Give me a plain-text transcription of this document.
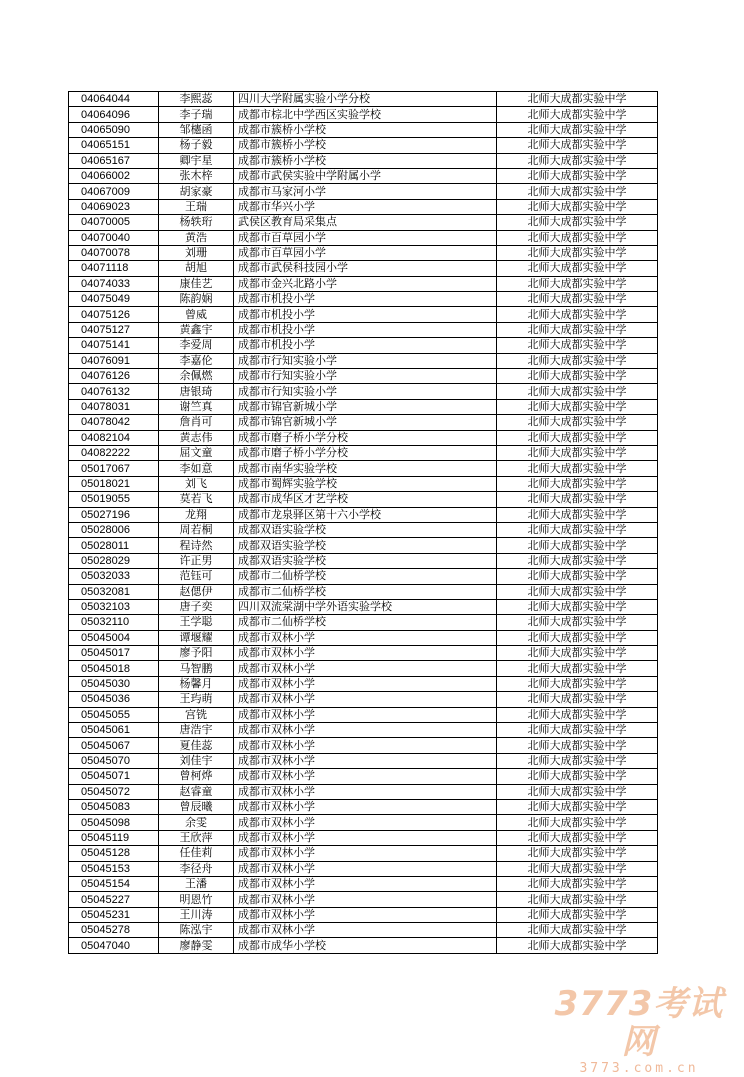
04064044	李熙蕊	四川大学附属实验小学分校	北师大成都实验中学
04064096	李子瑞	成都市棕北中学西区实验学校	北师大成都实验中学
04065090	邹櫶函	成都市簇桥小学校	北师大成都实验中学
04065151	杨子毅	成都市簇桥小学校	北师大成都实验中学
04065167	卿宇星	成都市簇桥小学校	北师大成都实验中学
04066002	张木梓	成都市武侯实验中学附属小学	北师大成都实验中学
04067009	胡家豪	成都市马家河小学	北师大成都实验中学
04069023	王瑞	成都市华兴小学	北师大成都实验中学
04070005	杨轶珩	武侯区教育局采集点	北师大成都实验中学
04070040	黄浩	成都市百草园小学	北师大成都实验中学
04070078	刘珊	成都市百草园小学	北师大成都实验中学
04071118	胡旭	成都市武侯科技园小学	北师大成都实验中学
04074033	康佳艺	成都市金兴北路小学	北师大成都实验中学
04075049	陈韵娴	成都市机投小学	北师大成都实验中学
04075126	曾威	成都市机投小学	北师大成都实验中学
04075127	黄鑫宇	成都市机投小学	北师大成都实验中学
04075141	李爱周	成都市机投小学	北师大成都实验中学
04076091	李嘉伦	成都市行知实验小学	北师大成都实验中学
04076126	余佩燃	成都市行知实验小学	北师大成都实验中学
04076132	唐银琦	成都市行知实验小学	北师大成都实验中学
04078031	谢竺真	成都市锦官新城小学	北师大成都实验中学
04078042	詹肖可	成都市锦官新城小学	北师大成都实验中学
04082104	黄志伟	成都市磨子桥小学分校	北师大成都实验中学
04082222	屈文童	成都市磨子桥小学分校	北师大成都实验中学
05017067	李如意	成都市南华实验学校	北师大成都实验中学
05018021	刘飞	成都市蜀辉实验学校	北师大成都实验中学
05019055	莫若飞	成都市成华区才艺学校	北师大成都实验中学
05027196	龙翔	成都市龙泉驿区第十六小学校	北师大成都实验中学
05028006	周若桐	成都双语实验学校	北师大成都实验中学
05028011	程诗然	成都双语实验学校	北师大成都实验中学
05028029	许正男	成都双语实验学校	北师大成都实验中学
05032033	范钰可	成都市二仙桥学校	北师大成都实验中学
05032081	赵偲伊	成都市二仙桥学校	北师大成都实验中学
05032103	唐子奕	四川双流棠湖中学外语实验学校	北师大成都实验中学
05032110	王学聪	成都市二仙桥学校	北师大成都实验中学
05045004	谭堰耀	成都市双林小学	北师大成都实验中学
05045017	廖予阳	成都市双林小学	北师大成都实验中学
05045018	马智鹏	成都市双林小学	北师大成都实验中学
05045030	杨馨月	成都市双林小学	北师大成都实验中学
05045036	王玙萌	成都市双林小学	北师大成都实验中学
05045055	宫铣	成都市双林小学	北师大成都实验中学
05045061	唐浩宇	成都市双林小学	北师大成都实验中学
05045067	夏佳蕊	成都市双林小学	北师大成都实验中学
05045070	刘佳宇	成都市双林小学	北师大成都实验中学
05045071	曾柯烨	成都市双林小学	北师大成都实验中学
05045072	赵睿童	成都市双林小学	北师大成都实验中学
05045083	曾辰曦	成都市双林小学	北师大成都实验中学
05045098	余雯	成都市双林小学	北师大成都实验中学
05045119	王欣萍	成都市双林小学	北师大成都实验中学
05045128	任佳莉	成都市双林小学	北师大成都实验中学
05045153	李径舟	成都市双林小学	北师大成都实验中学
05045154	王潘	成都市双林小学	北师大成都实验中学
05045227	明恩竹	成都市双林小学	北师大成都实验中学
05045231	王川涛	成都市双林小学	北师大成都实验中学
05045278	陈泓宇	成都市双林小学	北师大成都实验中学
05047040	廖静雯	成都市成华小学校	北师大成都实验中学
3773考试网
3773.com.cn
